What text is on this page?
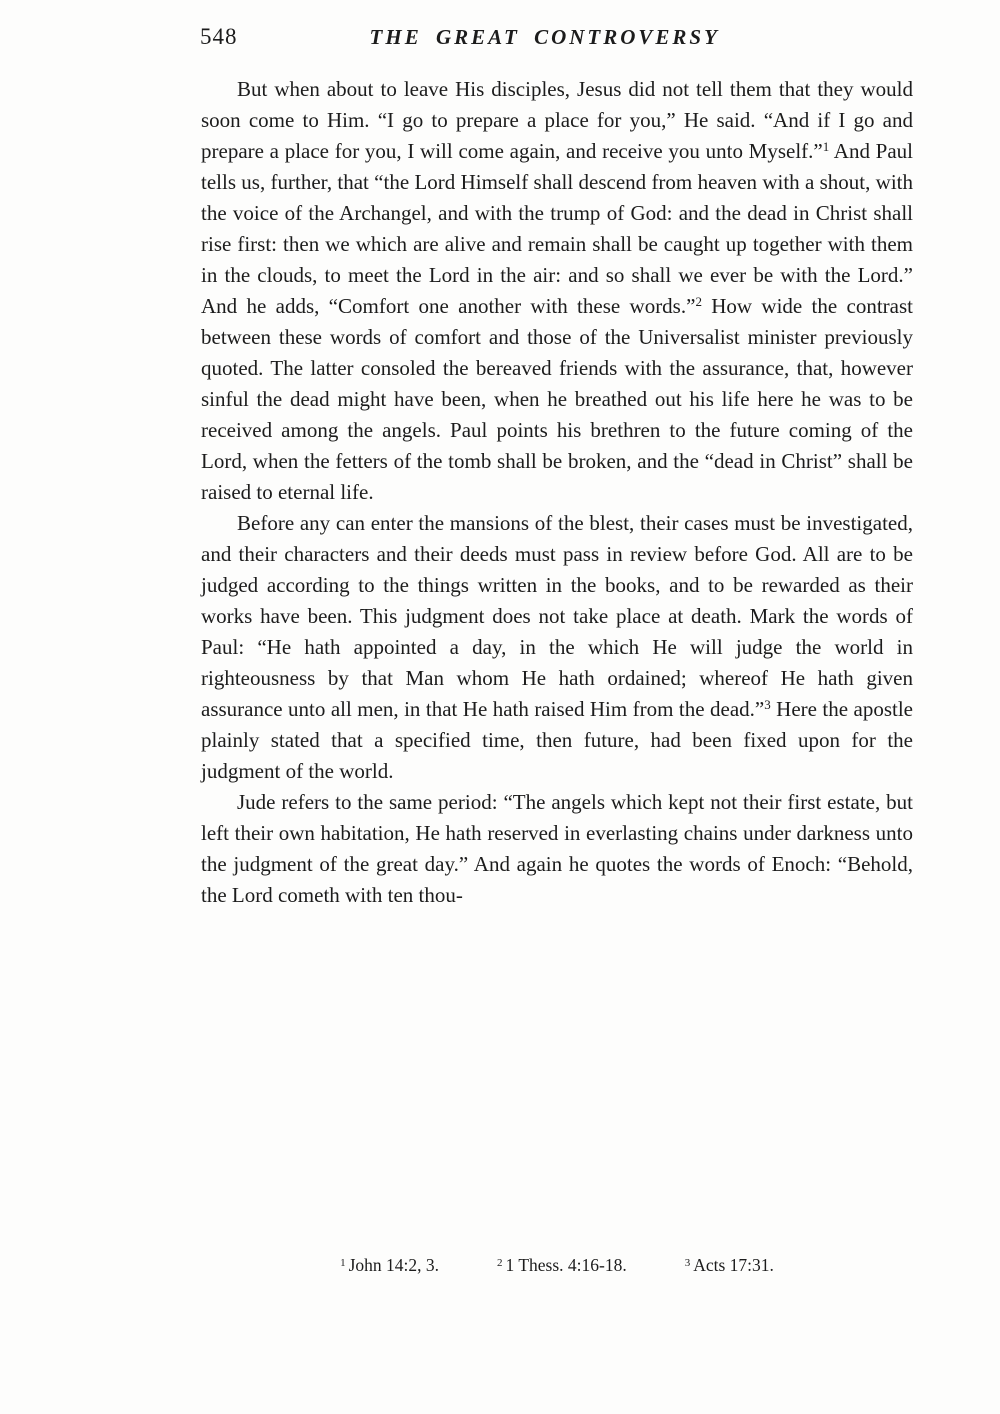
548	THE GREAT CONTROVERSY

But when about to leave His disciples, Jesus did not tell them that they would soon come to Him. “I go to prepare a place for you,” He said. “And if I go and prepare a place for you, I will come again, and receive you unto Myself.”$^1$ And Paul tells us, further, that “the Lord Himself shall descend from heaven with a shout, with the voice of the Archangel, and with the trump of God: and the dead in Christ shall rise first: then we which are alive and remain shall be caught up together with them in the clouds, to meet the Lord in the air: and so shall we ever be with the Lord.” And he adds, “Comfort one another with these words.”$^2$ How wide the contrast between these words of comfort and those of the Universalist minister previously quoted. The latter consoled the bereaved friends with the assurance, that, however sinful the dead might have been, when he breathed out his life here he was to be received among the angels. Paul points his brethren to the future coming of the Lord, when the fetters of the tomb shall be broken, and the “dead in Christ” shall be raised to eternal life.

Before any can enter the mansions of the blest, their cases must be investigated, and their characters and their deeds must pass in review before God. All are to be judged according to the things written in the books, and to be rewarded as their works have been. This judgment does not take place at death. Mark the words of Paul: “He hath appointed a day, in the which He will judge the world in righteousness by that Man whom He hath ordained; whereof He hath given assurance unto all men, in that He hath raised Him from the dead.”$^3$ Here the apostle plainly stated that a specified time, then future, had been fixed upon for the judgment of the world.

Jude refers to the same period: “The angels which kept not their first estate, but left their own habitation, He hath reserved in everlasting chains under darkness unto the judgment of the great day.” And again he quotes the words of Enoch: “Behold, the Lord cometh with ten thou-

$^1$ John 14:2, 3.	$^2$ 1 Thess. 4:16-18.	$^3$ Acts 17:31.
